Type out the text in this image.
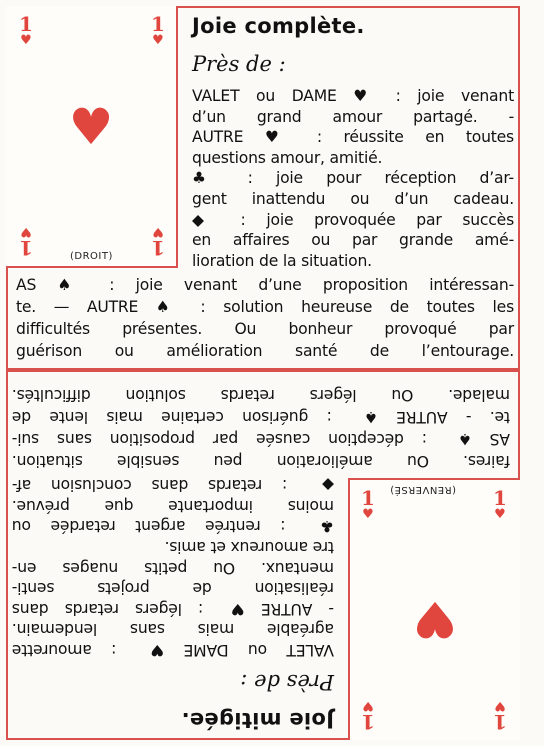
1
♥
1
♥
♥
1
♥
1
♥
(DROIT)
Joie complète.
Près de :
VALET ou DAME ♥ : joie venant
d’un grand amour partagé. -
AUTRE ♥ : réussite en toutes
questions amour, amitié.
♣ : joie pour réception d’ar-
gent inattendu ou d’un cadeau.
◆ : joie provoquée par succès
en affaires ou par grande amé-
lioration de la situation.
AS ♠ : joie venant d’une proposition intéressan-
te. — AUTRE ♠ : solution heureuse de toutes les
difficultés présentes. Ou bonheur provoqué par
guérison ou amélioration santé de l’entourage.
1
♥
1
♥
♥
1
♥
1
♥
(RENVERSÉ)
Joie mitigée.
Près de :
VALET ou DAME ♥ : amourette
agréable mais sans lendemain.
- AUTRE ♥ : légers retards dans
réalisation de projets senti-
mentaux. Ou petits nuages en-
tre amoureux et amis.
♣ : rentrée argent retardée ou
moins importante que prévue.
◆ : retards dans conclusion af-
faires. Ou amélioration peu sensible situation.
AS ♠ : déception causée par proposition sans sui-
te. - AUTRE ♠ : guérison certaine mais lente de
malade. Ou légers retards solution difficultés.
